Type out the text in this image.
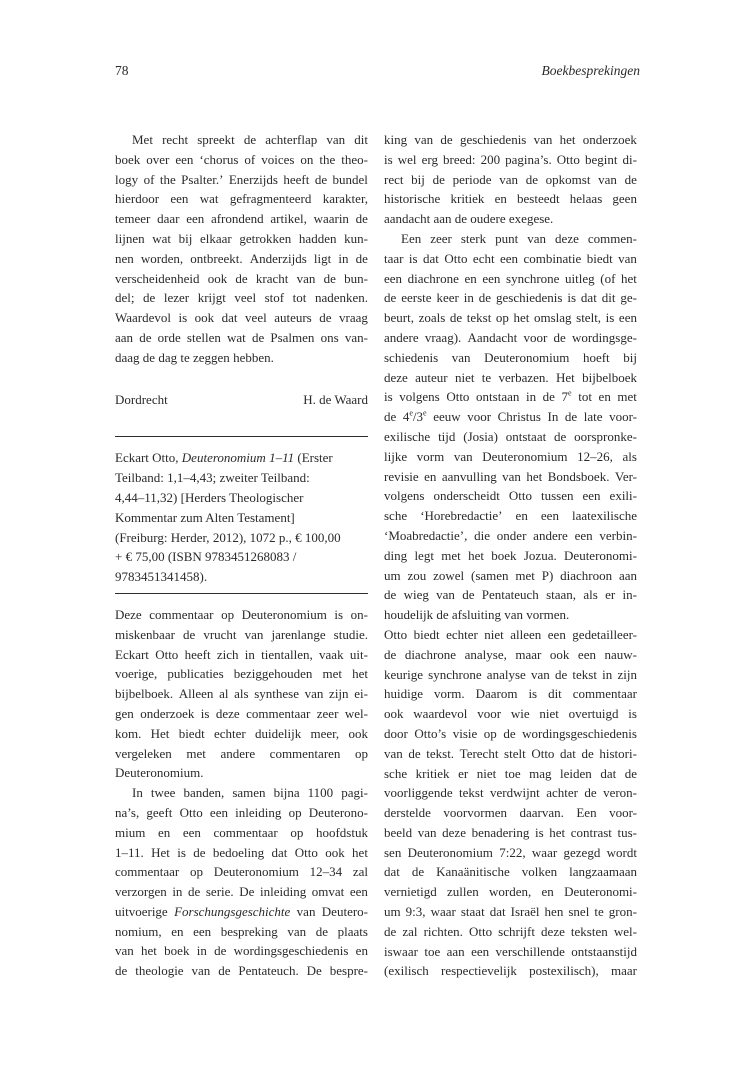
78	Boekbesprekingen
Met recht spreekt de achterflap van dit
boek over een ‘chorus of voices on the theo-
logy of the Psalter.’ Enerzijds heeft de bundel
hierdoor een wat gefragmenteerd karakter,
temeer daar een afrondend artikel, waarin de
lijnen wat bij elkaar getrokken hadden kun-
nen worden, ontbreekt. Anderzijds ligt in de
verscheidenheid ook de kracht van de bun-
del; de lezer krijgt veel stof tot nadenken.
Waardevol is ook dat veel auteurs de vraag
aan de orde stellen wat de Psalmen ons van-
daag de dag te zeggen hebben.
Dordrecht	H. de Waard
Eckart Otto, Deuteronomium 1–11 (Erster
Teilband: 1,1–4,43; zweiter Teilband:
4,44–11,32) [Herders Theologischer
Kommentar zum Alten Testament]
(Freiburg: Herder, 2012), 1072 p., € 100,00
+ € 75,00 (ISBN 9783451268083 /
9783451341458).
Deze commentaar op Deuteronomium is on-
miskenbaar de vrucht van jarenlange studie.
Eckart Otto heeft zich in tientallen, vaak uit-
voerige, publicaties beziggehouden met het
bijbelboek. Alleen al als synthese van zijn ei-
gen onderzoek is deze commentaar zeer wel-
kom. Het biedt echter duidelijk meer, ook
vergeleken met andere commentaren op
Deuteronomium.
In twee banden, samen bijna 1100 pagi-
na’s, geeft Otto een inleiding op Deuterono-
mium en een commentaar op hoofdstuk
1–11. Het is de bedoeling dat Otto ook het
commentaar op Deuteronomium 12–34 zal
verzorgen in de serie. De inleiding omvat een
uitvoerige Forschungsgeschichte van Deutero-
nomium, en een bespreking van de plaats
van het boek in de wordingsgeschiedenis en
de theologie van de Pentateuch. De bespre-
king van de geschiedenis van het onderzoek
is wel erg breed: 200 pagina’s. Otto begint di-
rect bij de periode van de opkomst van de
historische kritiek en besteedt helaas geen
aandacht aan de oudere exegese.
Een zeer sterk punt van deze commen-
taar is dat Otto echt een combinatie biedt van
een diachrone en een synchrone uitleg (of het
de eerste keer in de geschiedenis is dat dit ge-
beurt, zoals de tekst op het omslag stelt, is een
andere vraag). Aandacht voor de wordingsge-
schiedenis van Deuteronomium hoeft bij
deze auteur niet te verbazen. Het bijbelboek
is volgens Otto ontstaan in de 7e tot en met
de 4e/3e eeuw voor Christus In de late voor-
exilische tijd (Josia) ontstaat de oorspronke-
lijke vorm van Deuteronomium 12–26, als
revisie en aanvulling van het Bondsboek. Ver-
volgens onderscheidt Otto tussen een exili-
sche ‘Horebredactie’ en een laatexilische
‘Moabredactie’, die onder andere een verbin-
ding legt met het boek Jozua. Deuteronomi-
um zou zowel (samen met P) diachroon aan
de wieg van de Pentateuch staan, als er in-
houdelijk de afsluiting van vormen.
Otto biedt echter niet alleen een gedetailleer-
de diachrone analyse, maar ook een nauw-
keurige synchrone analyse van de tekst in zijn
huidige vorm. Daarom is dit commentaar
ook waardevol voor wie niet overtuigd is
door Otto’s visie op de wordingsgeschiedenis
van de tekst. Terecht stelt Otto dat de histori-
sche kritiek er niet toe mag leiden dat de
voorliggende tekst verdwijnt achter de veron-
derstelde voorvormen daarvan. Een voor-
beeld van deze benadering is het contrast tus-
sen Deuteronomium 7:22, waar gezegd wordt
dat de Kanaänitische volken langzaamaan
vernietigd zullen worden, en Deuteronomi-
um 9:3, waar staat dat Israël hen snel te gron-
de zal richten. Otto schrijft deze teksten wel-
iswaar toe aan een verschillende ontstaanstijd
(exilisch respectievelijk postexilisch), maar
